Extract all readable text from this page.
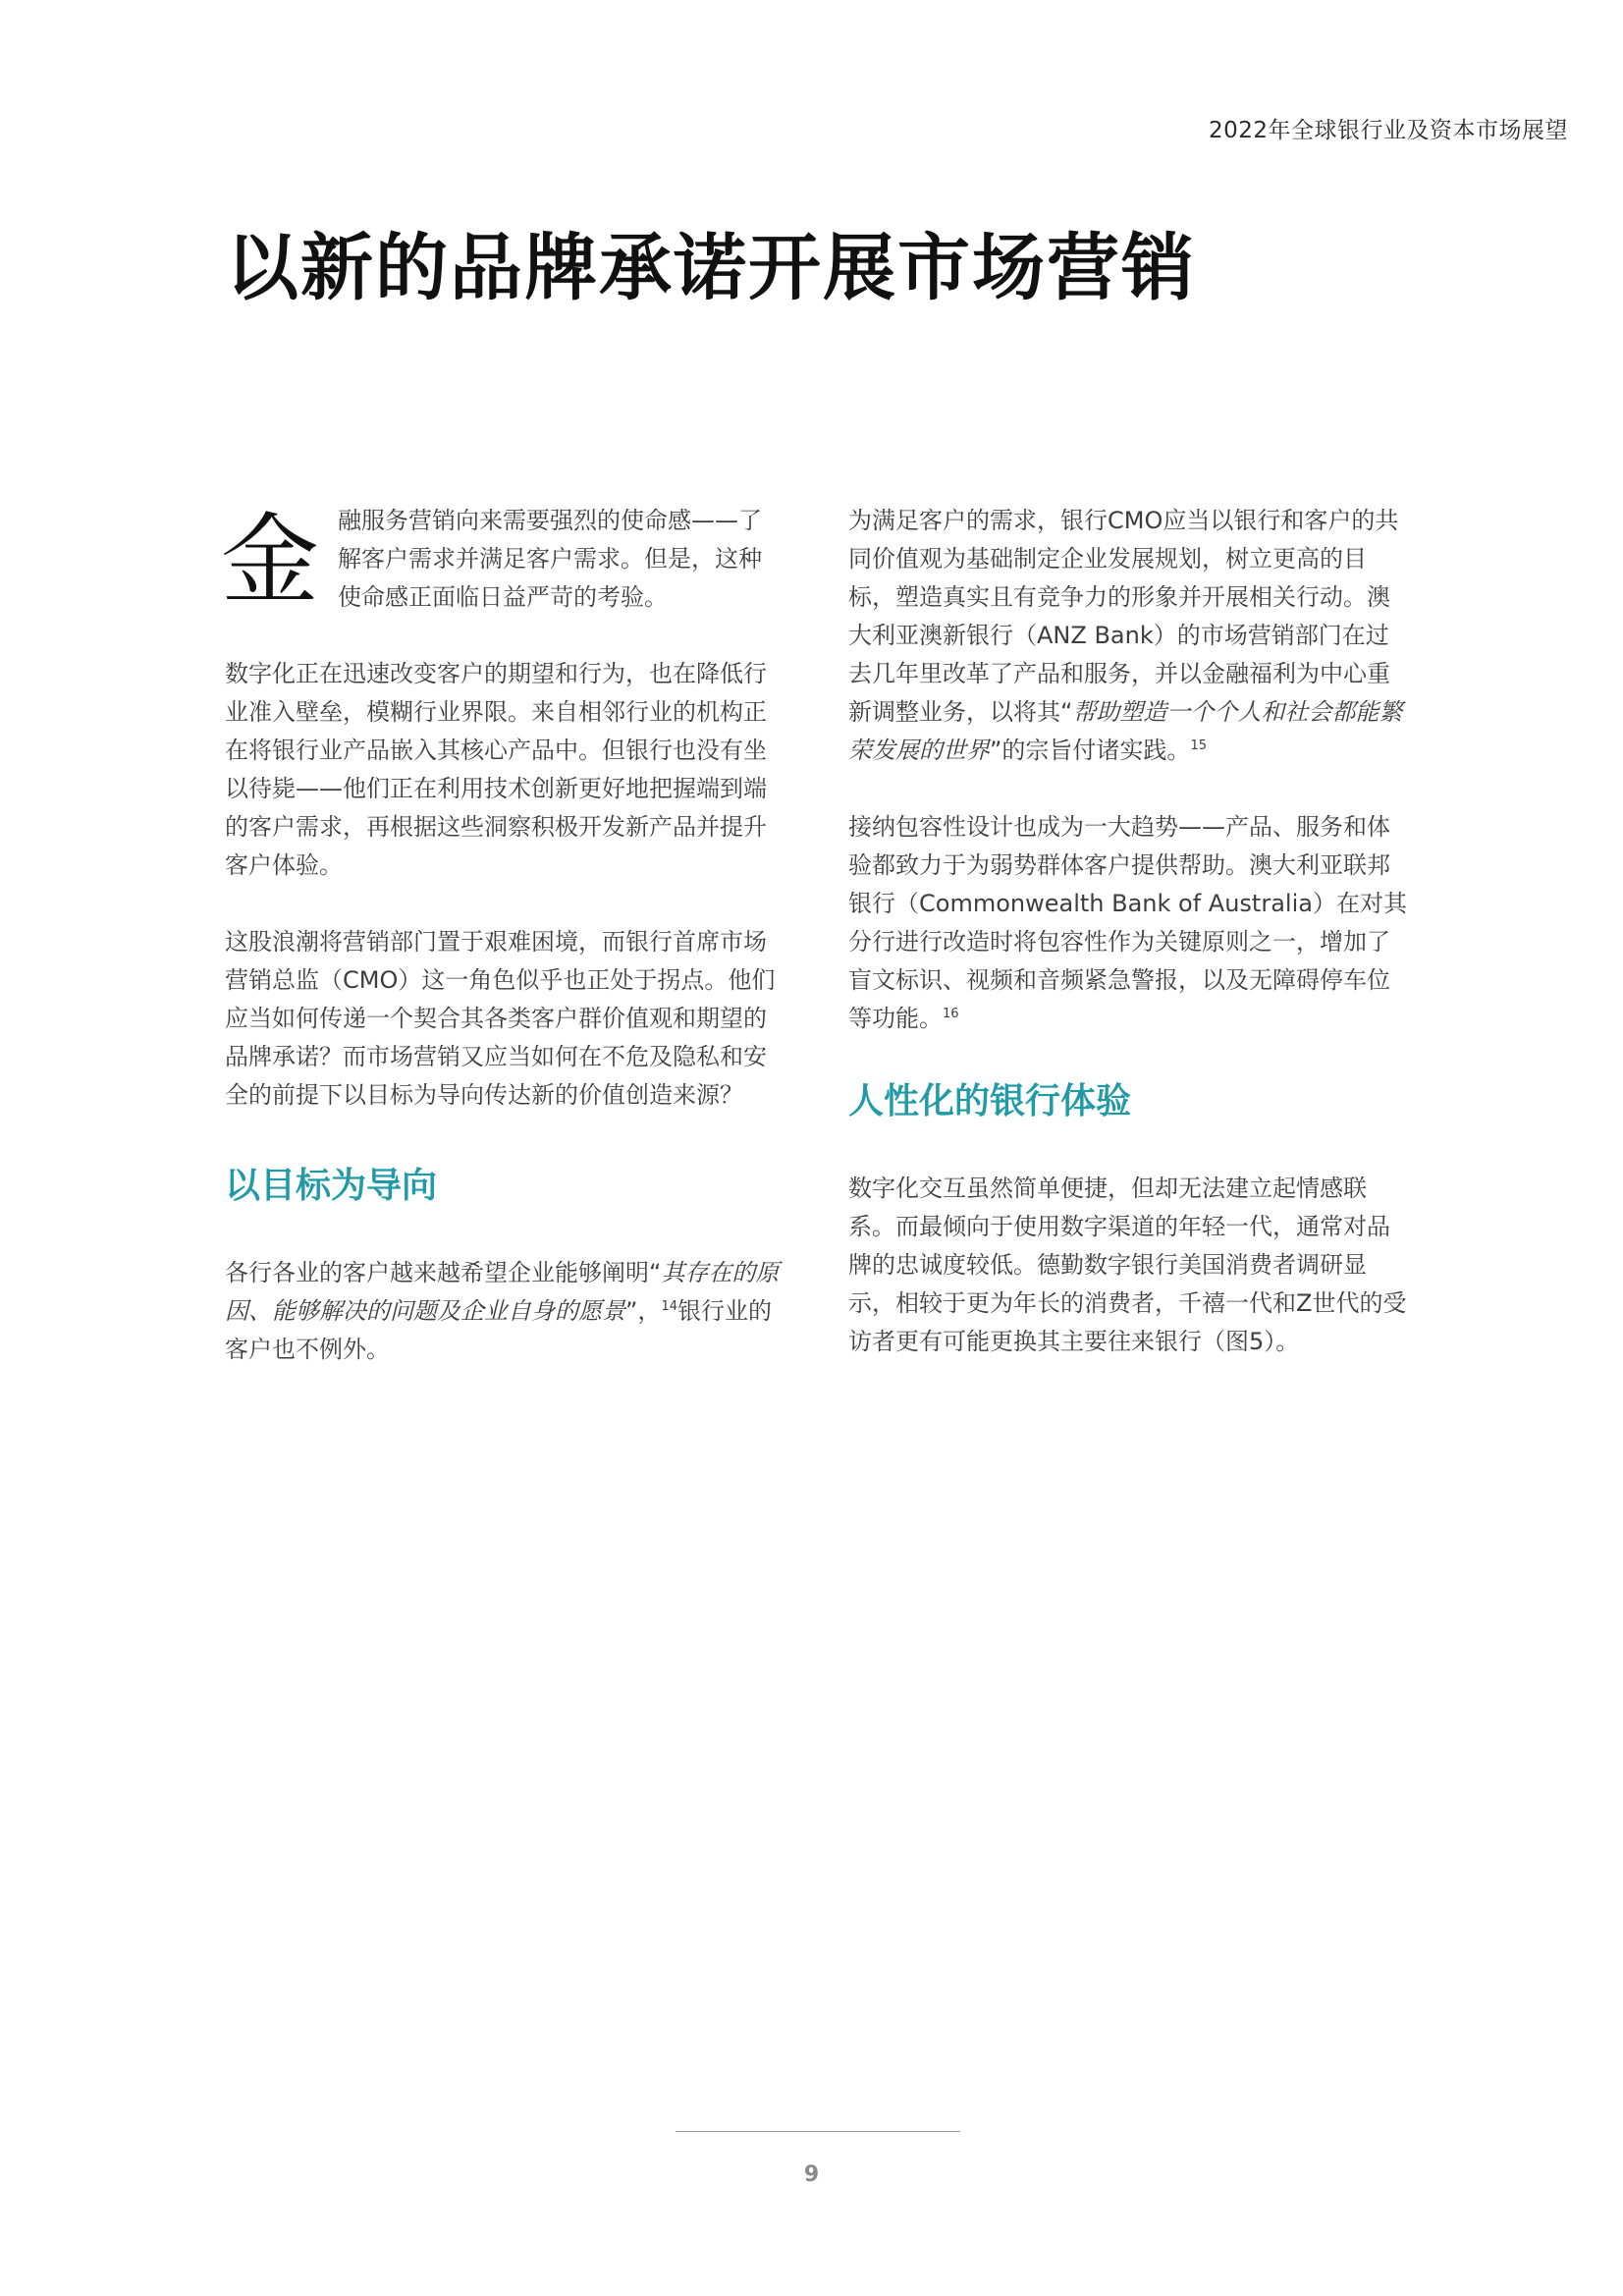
2022年全球银行业及资本市场展望
以新的品牌承诺开展市场营销

金 融服务营销向来需要强烈的使命感——了
解客户需求并满足客户需求。但是，这种
使命感正面临日益严苛的考验。

数字化正在迅速改变客户的期望和行为，也在降低行业准入壁垒，模糊行业界限。来自相邻行业的机构正在将银行业产品嵌入其核心产品中。但银行也没有坐以待毙——他们正在利用技术创新更好地把握端到端的客户需求，再根据这些洞察积极开发新产品并提升客户体验。

这股浪潮将营销部门置于艰难困境，而银行首席市场营销总监（CMO）这一角色似乎也正处于拐点。他们应当如何传递一个契合其各类客户群价值观和期望的品牌承诺？而市场营销又应当如何在不危及隐私和安全的前提下以目标为导向传达新的价值创造来源？

以目标为导向

各行各业的客户越来越希望企业能够阐明“其存在的原因、能够解决的问题及企业自身的愿景”，$^{14}$银行业的客户也不例外。

为满足客户的需求，银行CMO应当以银行和客户的共同价值观为基础制定企业发展规划，树立更高的目标，塑造真实且有竞争力的形象并开展相关行动。澳大利亚澳新银行（ANZ Bank）的市场营销部门在过去几年里改革了产品和服务，并以金融福利为中心重新调整业务，以将其“帮助塑造一个个人和社会都能繁荣发展的世界”的宗旨付诸实践。$^{15}$

接纳包容性设计也成为一大趋势——产品、服务和体验都致力于为弱势群体客户提供帮助。澳大利亚联邦银行（Commonwealth Bank of Australia）在对其分行进行改造时将包容性作为关键原则之一，增加了盲文标识、视频和音频紧急警报，以及无障碍停车位等功能。$^{16}$

人性化的银行体验

数字化交互虽然简单便捷，但却无法建立起情感联系。而最倾向于使用数字渠道的年轻一代，通常对品牌的忠诚度较低。德勤数字银行美国消费者调研显示，相较于更为年长的消费者，千禧一代和Z世代的受访者更有可能更换其主要往来银行（图5）。

9
